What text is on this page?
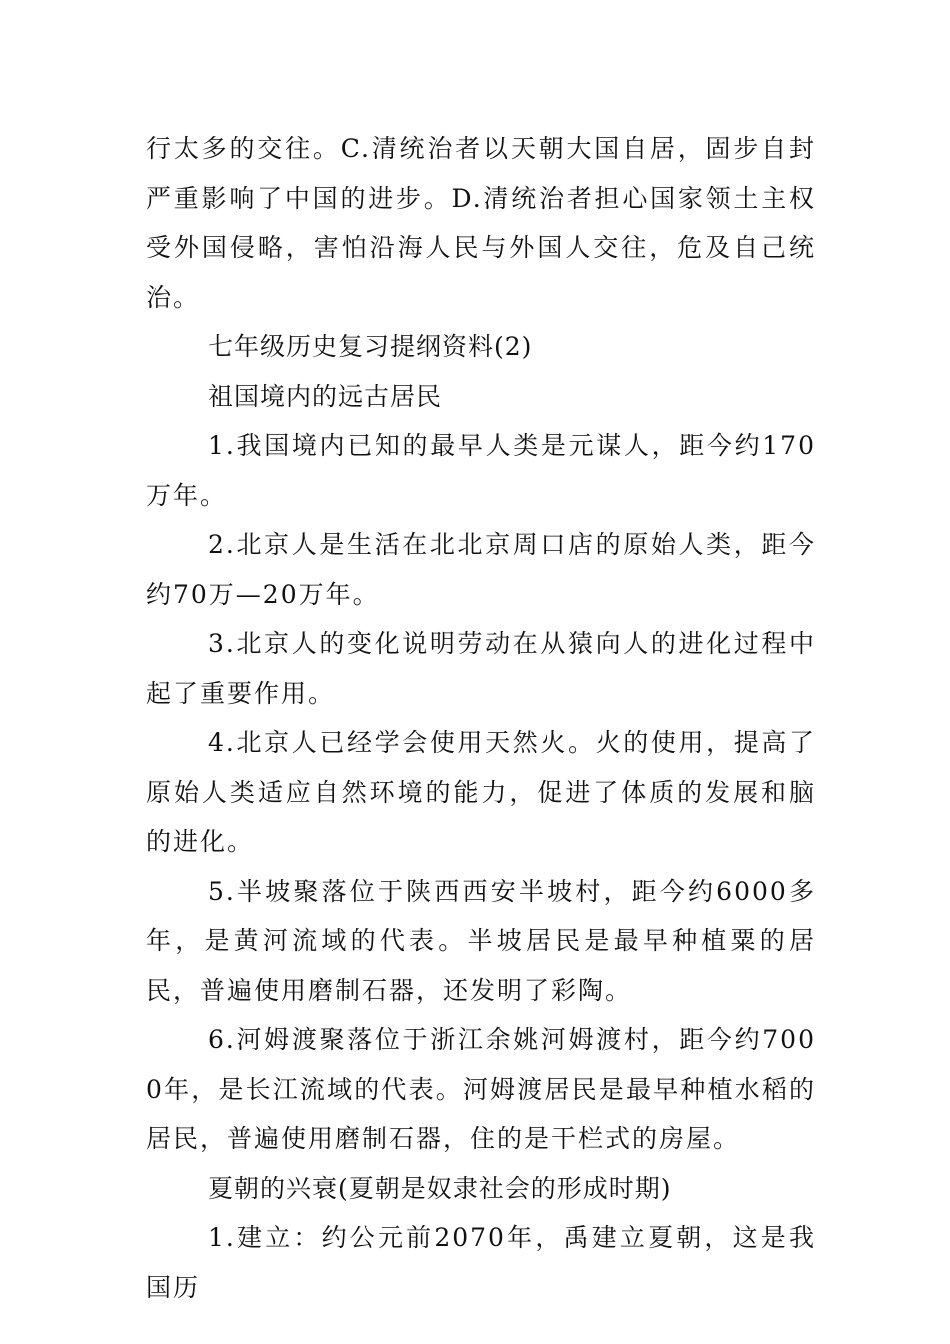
行太多的交往。C.清统治者以天朝大国自居，固步自封严重影响了中国的进步。D.清统治者担心国家领土主权受外国侵略，害怕沿海人民与外国人交往，危及自己统治。

七年级历史复习提纲资料(2)

祖国境内的远古居民

1.我国境内已知的最早人类是元谋人，距今约170万年。

2.北京人是生活在北北京周口店的原始人类，距今约70万—20万年。

3.北京人的变化说明劳动在从猿向人的进化过程中起了重要作用。

4.北京人已经学会使用天然火。火的使用，提高了原始人类适应自然环境的能力，促进了体质的发展和脑的进化。

5.半坡聚落位于陕西西安半坡村，距今约6000多年，是黄河流域的代表。半坡居民是最早种植粟的居民，普遍使用磨制石器，还发明了彩陶。

6.河姆渡聚落位于浙江余姚河姆渡村，距今约7000年，是长江流域的代表。河姆渡居民是最早种植水稻的居民，普遍使用磨制石器，住的是干栏式的房屋。

夏朝的兴衰(夏朝是奴隶社会的形成时期)

1.建立：约公元前2070年，禹建立夏朝，这是我国历
